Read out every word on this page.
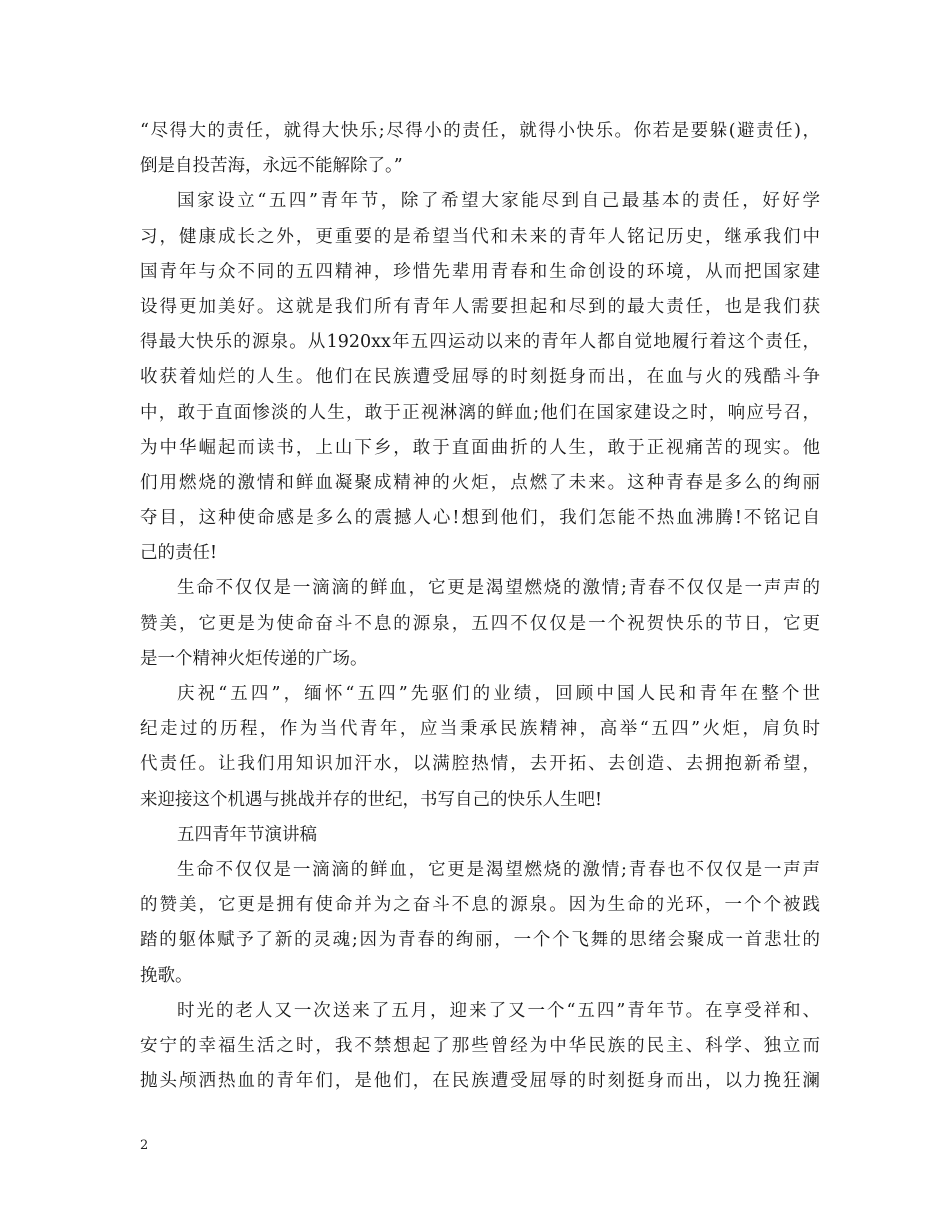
“尽得大的责任，就得大快乐;尽得小的责任，就得小快乐。你若是要躲(避责任)，
倒是自投苦海，永远不能解除了。”
国家设立“五四”青年节，除了希望大家能尽到自己最基本的责任，好好学
习，健康成长之外，更重要的是希望当代和未来的青年人铭记历史，继承我们中
国青年与众不同的五四精神，珍惜先辈用青春和生命创设的环境，从而把国家建
设得更加美好。这就是我们所有青年人需要担起和尽到的最大责任，也是我们获
得最大快乐的源泉。从1920xx年五四运动以来的青年人都自觉地履行着这个责任，
收获着灿烂的人生。他们在民族遭受屈辱的时刻挺身而出，在血与火的残酷斗争
中，敢于直面惨淡的人生，敢于正视淋漓的鲜血;他们在国家建设之时，响应号召，
为中华崛起而读书，上山下乡，敢于直面曲折的人生，敢于正视痛苦的现实。他
们用燃烧的激情和鲜血凝聚成精神的火炬，点燃了未来。这种青春是多么的绚丽
夺目，这种使命感是多么的震撼人心!想到他们，我们怎能不热血沸腾!不铭记自
己的责任!
生命不仅仅是一滴滴的鲜血，它更是渴望燃烧的激情;青春不仅仅是一声声的
赞美，它更是为使命奋斗不息的源泉，五四不仅仅是一个祝贺快乐的节日，它更
是一个精神火炬传递的广场。
庆祝“五四”，缅怀“五四”先驱们的业绩，回顾中国人民和青年在整个世
纪走过的历程，作为当代青年，应当秉承民族精神，高举“五四”火炬，肩负时
代责任。让我们用知识加汗水，以满腔热情，去开拓、去创造、去拥抱新希望，
来迎接这个机遇与挑战并存的世纪，书写自己的快乐人生吧!
五四青年节演讲稿
生命不仅仅是一滴滴的鲜血，它更是渴望燃烧的激情;青春也不仅仅是一声声
的赞美，它更是拥有使命并为之奋斗不息的源泉。因为生命的光环，一个个被践
踏的躯体赋予了新的灵魂;因为青春的绚丽，一个个飞舞的思绪会聚成一首悲壮的
挽歌。
时光的老人又一次送来了五月，迎来了又一个“五四”青年节。在享受祥和、
安宁的幸福生活之时，我不禁想起了那些曾经为中华民族的民主、科学、独立而
抛头颅洒热血的青年们，是他们，在民族遭受屈辱的时刻挺身而出，以力挽狂澜
2
